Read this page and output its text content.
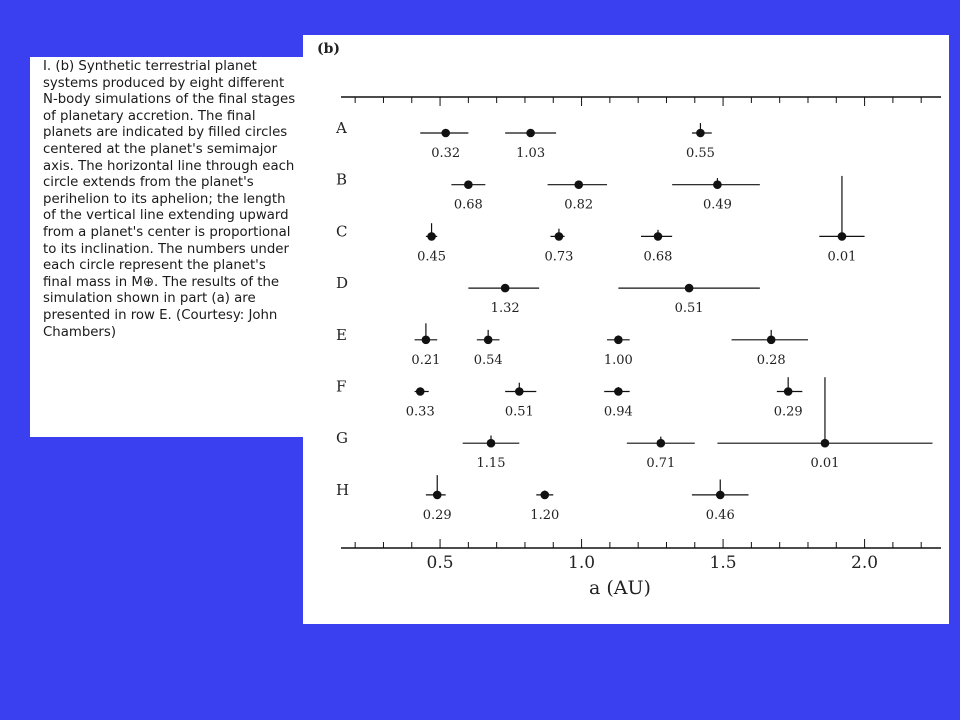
I. (b) Synthetic terrestrial planet systems produced by eight different N-body simulations of the final stages of planetary accretion. The final planets are indicated by filled circles centered at the planet's semimajor axis. The horizontal line through each circle extends from the planet's perihelion to its aphelion; the length of the vertical line extending upward from a planet's center is proportional to its inclination. The numbers under each circle represent the planet's final mass in M⊕. The results of the simulation shown in part (a) are presented in row E. (Courtesy: John Chambers)

(b)
0.5	1.0	1.5	2.0
a (AU)
A
0.32	1.03	0.55
B
0.68	0.82	0.49
C
0.45	0.73	0.68	0.01
D
1.32	0.51
E
0.21	0.54	1.00	0.28
F
0.33	0.51	0.94	0.29
G
1.15	0.71	0.01
H
0.29	1.20	0.46
